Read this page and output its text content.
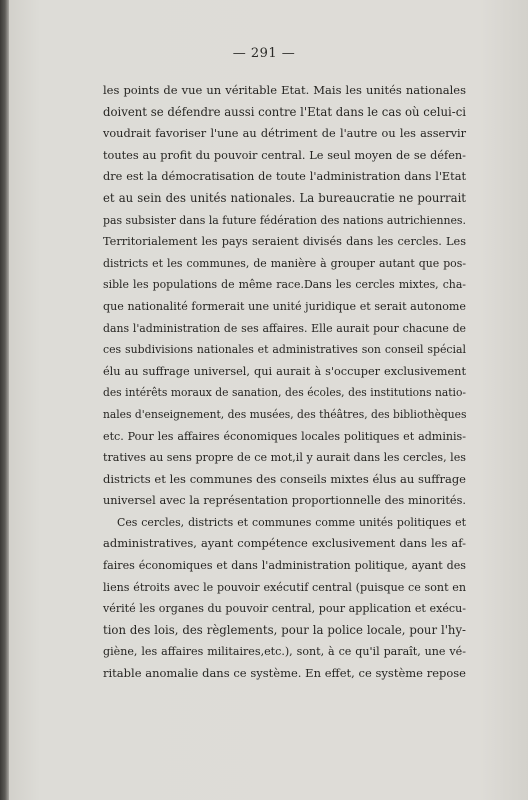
— 291 —
les points de vue un véritable Etat. Mais les unités nationales
doivent se défendre aussi contre l'Etat dans le cas où celui-ci
voudrait favoriser l'une au détriment de l'autre ou les asservir
toutes au profit du pouvoir central. Le seul moyen de se défen-
dre est la démocratisation de toute l'administration dans l'Etat
et au sein des unités nationales. La bureaucratie ne pourrait
pas subsister dans la future fédération des nations autrichiennes.
Territorialement les pays seraient divisés dans les cercles. Les
districts et les communes, de manière à grouper autant que pos-
sible les populations de même race.Dans les cercles mixtes, cha-
que nationalité formerait une unité juridique et serait autonome
dans l'administration de ses affaires. Elle aurait pour chacune de
ces subdivisions nationales et administratives son conseil spécial
élu au suffrage universel, qui aurait à s'occuper exclusivement
des intérêts moraux de sanation, des écoles, des institutions natio-
nales d'enseignement, des musées, des théâtres, des bibliothèques
etc. Pour les affaires économiques locales politiques et adminis-
tratives au sens propre de ce mot,il y aurait dans les cercles, les
districts et les communes des conseils mixtes élus au suffrage
universel avec la représentation proportionnelle des minorités.
Ces cercles, districts et communes comme unités politiques et
administratives, ayant compétence exclusivement dans les af-
faires économiques et dans l'administration politique, ayant des
liens étroits avec le pouvoir exécutif central (puisque ce sont en
vérité les organes du pouvoir central, pour application et exécu-
tion des lois, des règlements, pour la police locale, pour l'hy-
giène, les affaires militaires,etc.), sont, à ce qu'il paraît, une vé-
ritable anomalie dans ce système. En effet, ce système repose
